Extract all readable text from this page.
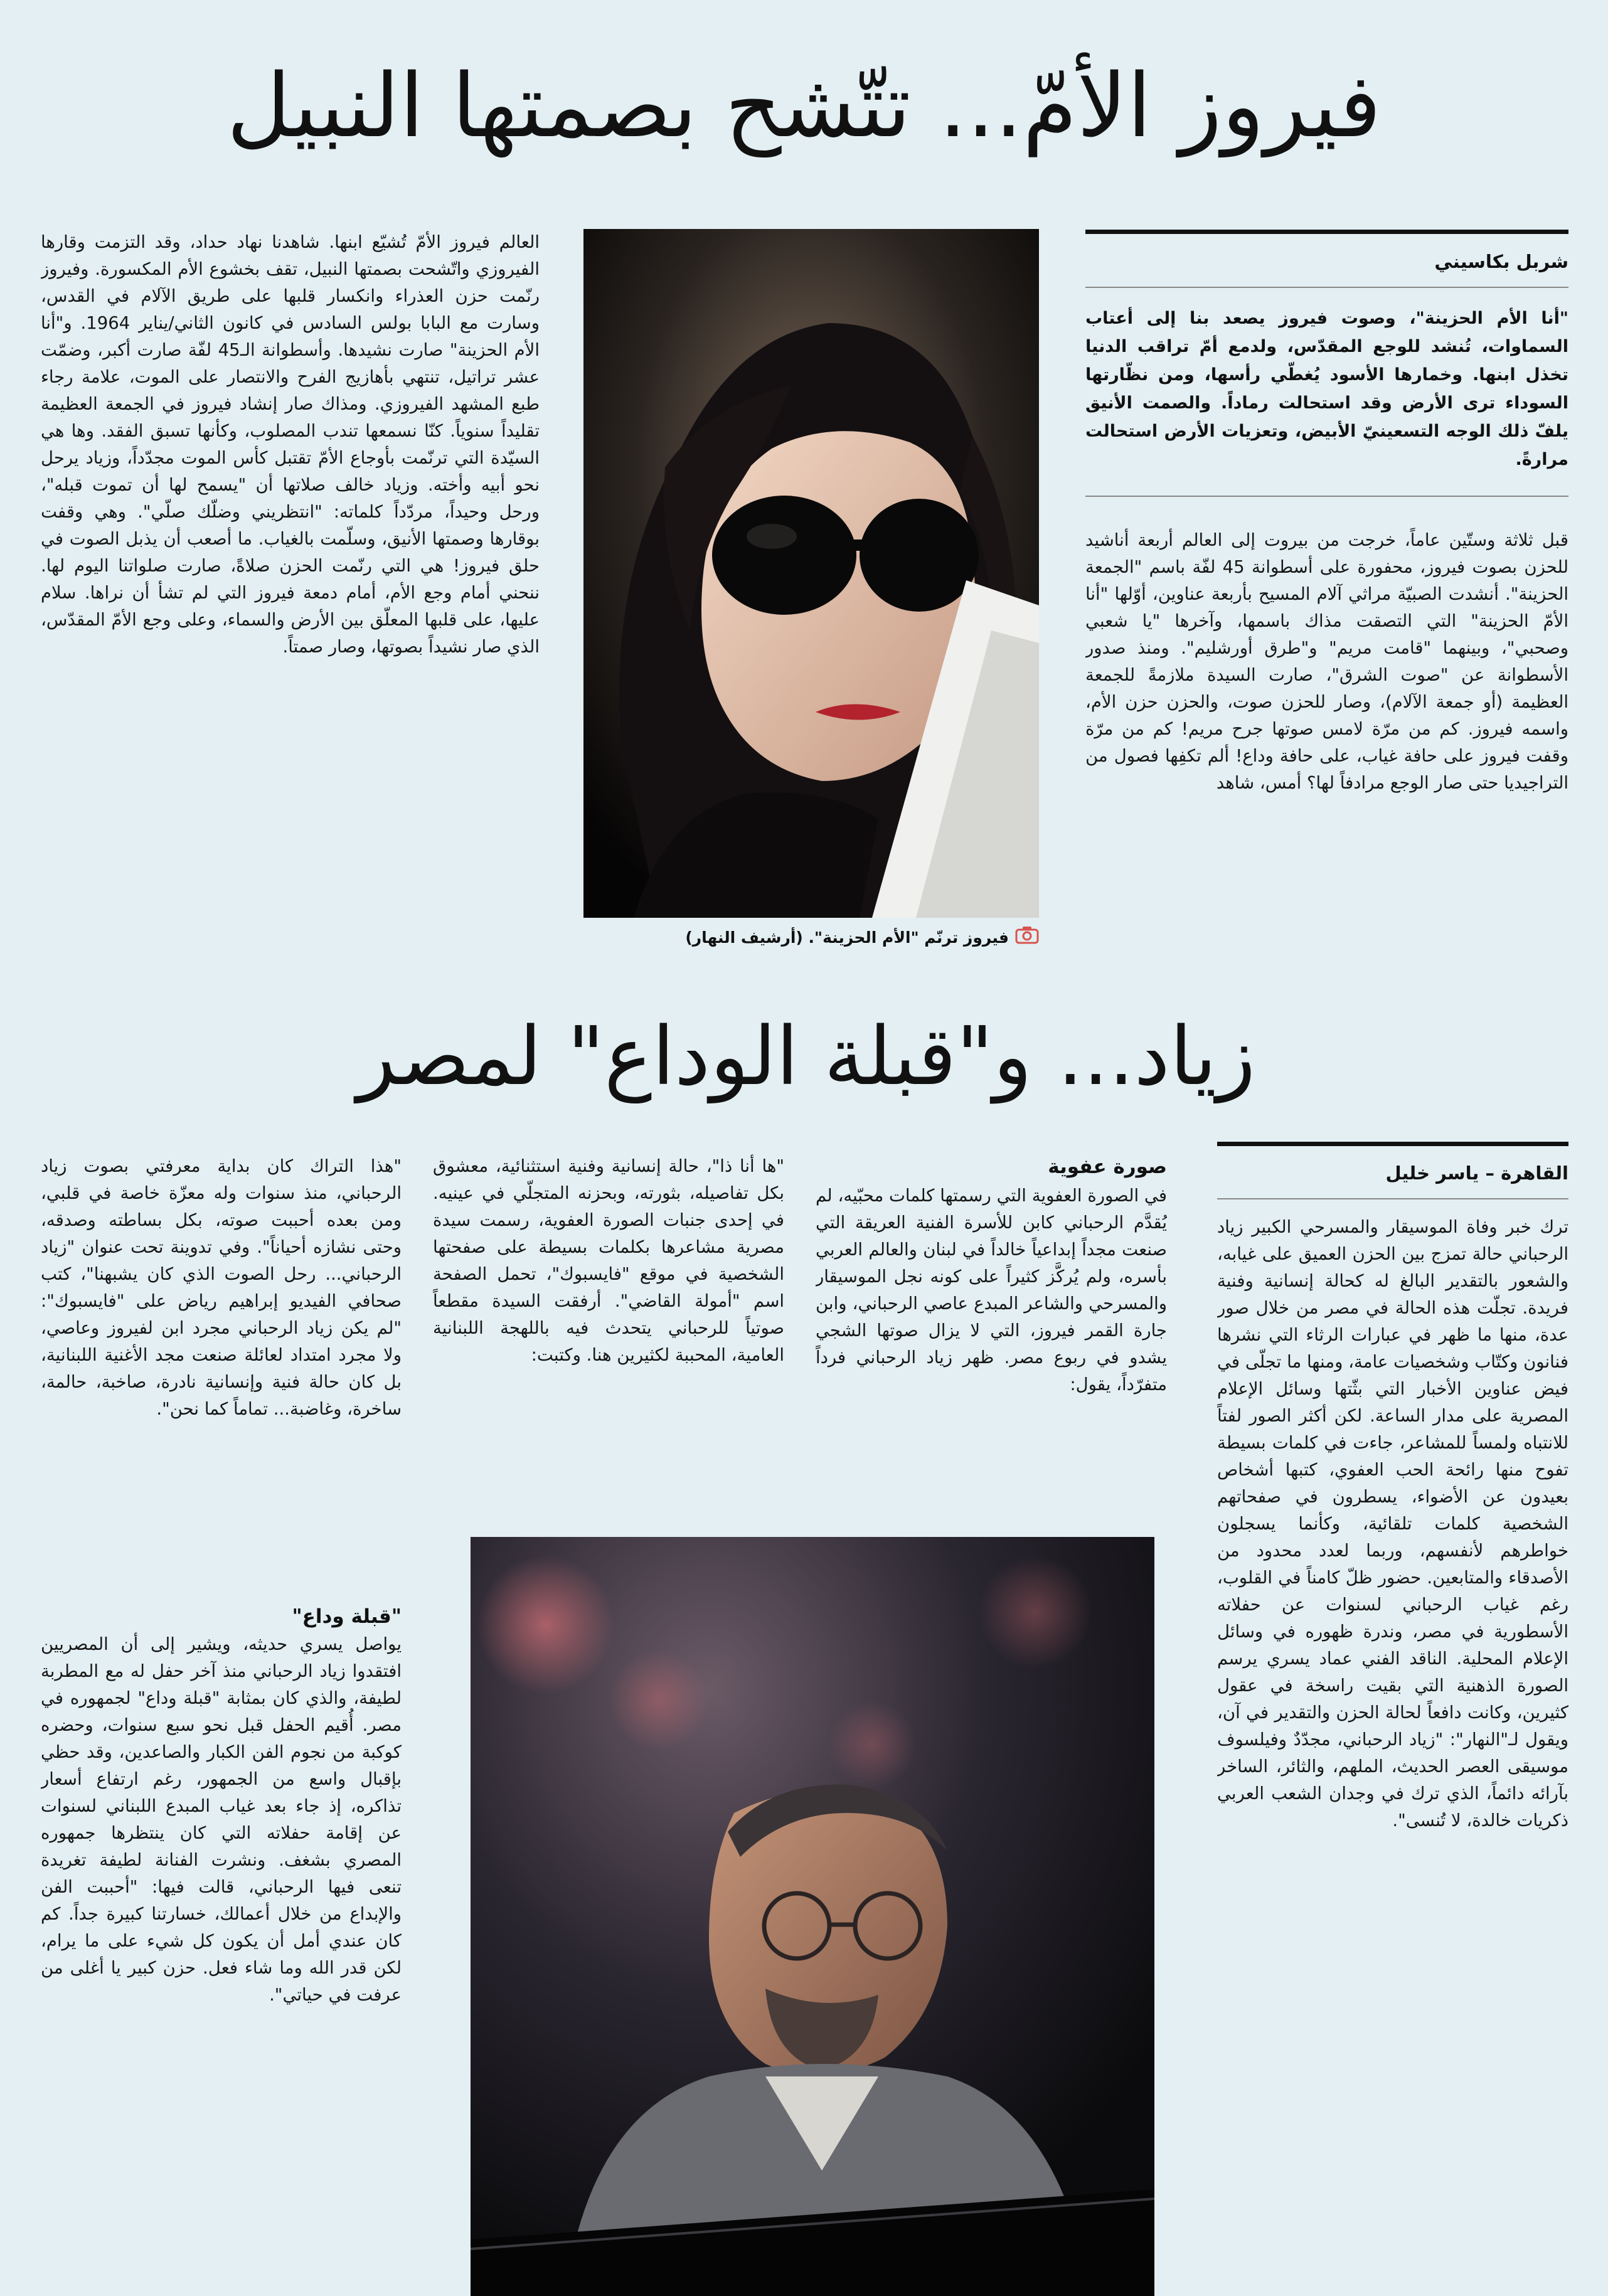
فيروز الأمّ... تتّشح بصمتها النبيل
شربل بكاسيني
"أنا الأم الحزينة"، وصوت فيروز يصعد بنا إلى أعتاب السماوات، تُنشد للوجع المقدّس، ولدمع أمّ تراقب الدنيا تخذل ابنها. وخمارها الأسود يُغطّي رأسها، ومن نظّارتها السوداء ترى الأرض وقد استحالت رماداً. والصمت الأنيق يلفّ ذلك الوجه التسعينيّ الأبيض، وتعزيات الأرض استحالت مرارةً.

قبل ثلاثة وستّين عاماً، خرجت من بيروت إلى العالم أربعة أناشيد للحزن بصوت فيروز، محفورة على أسطوانة 45 لفّة باسم "الجمعة الحزينة". أنشدت الصبيّة مراثي آلام المسيح بأربعة عناوين، أوّلها "أنا الأمّ الحزينة" التي التصقت مذاك باسمها، وآخرها "يا شعبي وصحبي"، وبينهما "قامت مريم" و"طرق أورشليم". ومنذ صدور الأسطوانة عن "صوت الشرق"، صارت السيدة ملازمةً للجمعة العظيمة (أو جمعة الآلام)، وصار للحزن صوت، والحزن حزن الأم، واسمه فيروز. كم من مرّة لامس صوتها جرح مريم! كم من مرّة وقفت فيروز على حافة غياب، على حافة وداع! ألم تكفِها فصول من التراجيديا حتى صار الوجع مرادفاً لها؟ أمس، شاهد

فيروز ترنّم "الأم الحزينة". (أرشيف النهار)

العالم فيروز الأمّ تُشيّع ابنها. شاهدنا نهاد حداد، وقد التزمت وقارها الفيروزي واتّشحت بصمتها النبيل، تقف بخشوع الأم المكسورة. وفيروز رنّمت حزن العذراء وانكسار قلبها على طريق الآلام في القدس، وسارت مع البابا بولس السادس في كانون الثاني/يناير 1964. و"أنا الأم الحزينة" صارت نشيدها. وأسطوانة الـ45 لفّة صارت أكبر، وضمّت عشر تراتيل، تنتهي بأهازيج الفرح والانتصار على الموت، علامة رجاء طبع المشهد الفيروزي. ومذاك صار إنشاد فيروز في الجمعة العظيمة تقليداً سنوياً. كنّا نسمعها تندب المصلوب، وكأنها تسبق الفقد. وها هي السيّدة التي ترنّمت بأوجاع الأمّ تقتبل كأس الموت مجدّداً، وزياد يرحل نحو أبيه وأخته. وزياد خالف صلاتها أن "يسمح لها أن تموت قبله"، ورحل وحيداً، مردّداً كلماته: "انتظريني وضلّك صلّي". وهي وقفت بوقارها وصمتها الأنيق، وسلّمت بالغياب. ما أصعب أن يذبل الصوت في حلق فيروز! هي التي رنّمت الحزن صلاةً، صارت صلواتنا اليوم لها. ننحني أمام وجع الأم، أمام دمعة فيروز التي لم تشأ أن نراها. سلام عليها، على قلبها المعلّق بين الأرض والسماء، وعلى وجع الأمّ المقدّس، الذي صار نشيداً بصوتها، وصار صمتاً.

زياد... و"قبلة الوداع" لمصر
القاهرة – ياسر خليل

ترك خبر وفاة الموسيقار والمسرحي الكبير زياد الرحباني حالة تمزج بين الحزن العميق على غيابه، والشعور بالتقدير البالغ له كحالة إنسانية وفنية فريدة. تجلّت هذه الحالة في مصر من خلال صور عدة، منها ما ظهر في عبارات الرثاء التي نشرها فنانون وكتّاب وشخصيات عامة، ومنها ما تجلّى في فيض عناوين الأخبار التي بثّتها وسائل الإعلام المصرية على مدار الساعة. لكن أكثر الصور لفتاً للانتباه ولمساً للمشاعر، جاءت في كلمات بسيطة تفوح منها رائحة الحب العفوي، كتبها أشخاص بعيدون عن الأضواء، يسطرون في صفحاتهم الشخصية كلمات تلقائية، وكأنما يسجلون خواطرهم لأنفسهم، وربما لعدد محدود من الأصدقاء والمتابعين. حضور ظلّ كامناً في القلوب، رغم غياب الرحباني لسنوات عن حفلاته الأسطورية في مصر، وندرة ظهوره في وسائل الإعلام المحلية. الناقد الفني عماد يسري يرسم الصورة الذهنية التي بقيت راسخة في عقول كثيرين، وكانت دافعاً لحالة الحزن والتقدير في آن، ويقول لـ"النهار": "زياد الرحباني، مجدّدٌ وفيلسوف موسيقى العصر الحديث، الملهم، والثائر، الساخر بآرائه دائماً، الذي ترك في وجدان الشعب العربي ذكريات خالدة، لا تُنسى".

صورة عفوية

في الصورة العفوية التي رسمتها كلمات محبّيه، لم يُقدَّم الرحباني كابن للأسرة الفنية العريقة التي صنعت مجداً إبداعياً خالداً في لبنان والعالم العربي بأسره، ولم يُركَّز كثيراً على كونه نجل الموسيقار والمسرحي والشاعر المبدع عاصي الرحباني، وابن جارة القمر فيروز، التي لا يزال صوتها الشجي يشدو في ربوع مصر. ظهر زياد الرحباني فرداً متفرّداً، يقول:

"ها أنا ذا"، حالة إنسانية وفنية استثنائية، معشوق بكل تفاصيله، بثورته، وبحزنه المتجلّي في عينيه. في إحدى جنبات الصورة العفوية، رسمت سيدة مصرية مشاعرها بكلمات بسيطة على صفحتها الشخصية في موقع "فايسبوك"، تحمل الصفحة اسم "أمولة القاضي". أرفقت السيدة مقطعاً صوتياً للرحباني يتحدث فيه باللهجة اللبنانية العامية، المحببة لكثيرين هنا. وكتبت:

"هذا التراك كان بداية معرفتي بصوت زياد الرحباني، منذ سنوات وله معزّة خاصة في قلبي، ومن بعده أحببت صوته، بكل بساطته وصدقه، وحتى نشازه أحياناً". وفي تدوينة تحت عنوان "زياد الرحباني... رحل الصوت الذي كان يشبهنا"، كتب صحافي الفيديو إبراهيم رياض على "فايسبوك": "لم يكن زياد الرحباني مجرد ابن لفيروز وعاصي، ولا مجرد امتداد لعائلة صنعت مجد الأغنية اللبنانية، بل كان حالة فنية وإنسانية نادرة، صاخبة، حالمة، ساخرة، وغاضبة... تماماً كما نحن".

"قبلة وداع"

يواصل يسري حديثه، ويشير إلى أن المصريين افتقدوا زياد الرحباني منذ آخر حفل له مع المطربة لطيفة، والذي كان بمثابة "قبلة وداع" لجمهوره في مصر. أُقيم الحفل قبل نحو سبع سنوات، وحضره كوكبة من نجوم الفن الكبار والصاعدين، وقد حظي بإقبال واسع من الجمهور، رغم ارتفاع أسعار تذاكره، إذ جاء بعد غياب المبدع اللبناني لسنوات عن إقامة حفلاته التي كان ينتظرها جمهوره المصري بشغف. ونشرت الفنانة لطيفة تغريدة تنعى فيها الرحباني، قالت فيها: "أحببت الفن والإبداع من خلال أعمالك، خسارتنا كبيرة جداً. كم كان عندي أمل أن يكون كل شيء على ما يرام، لكن قدر الله وما شاء فعل. حزن كبير يا أغلى من عرفت في حياتي".
